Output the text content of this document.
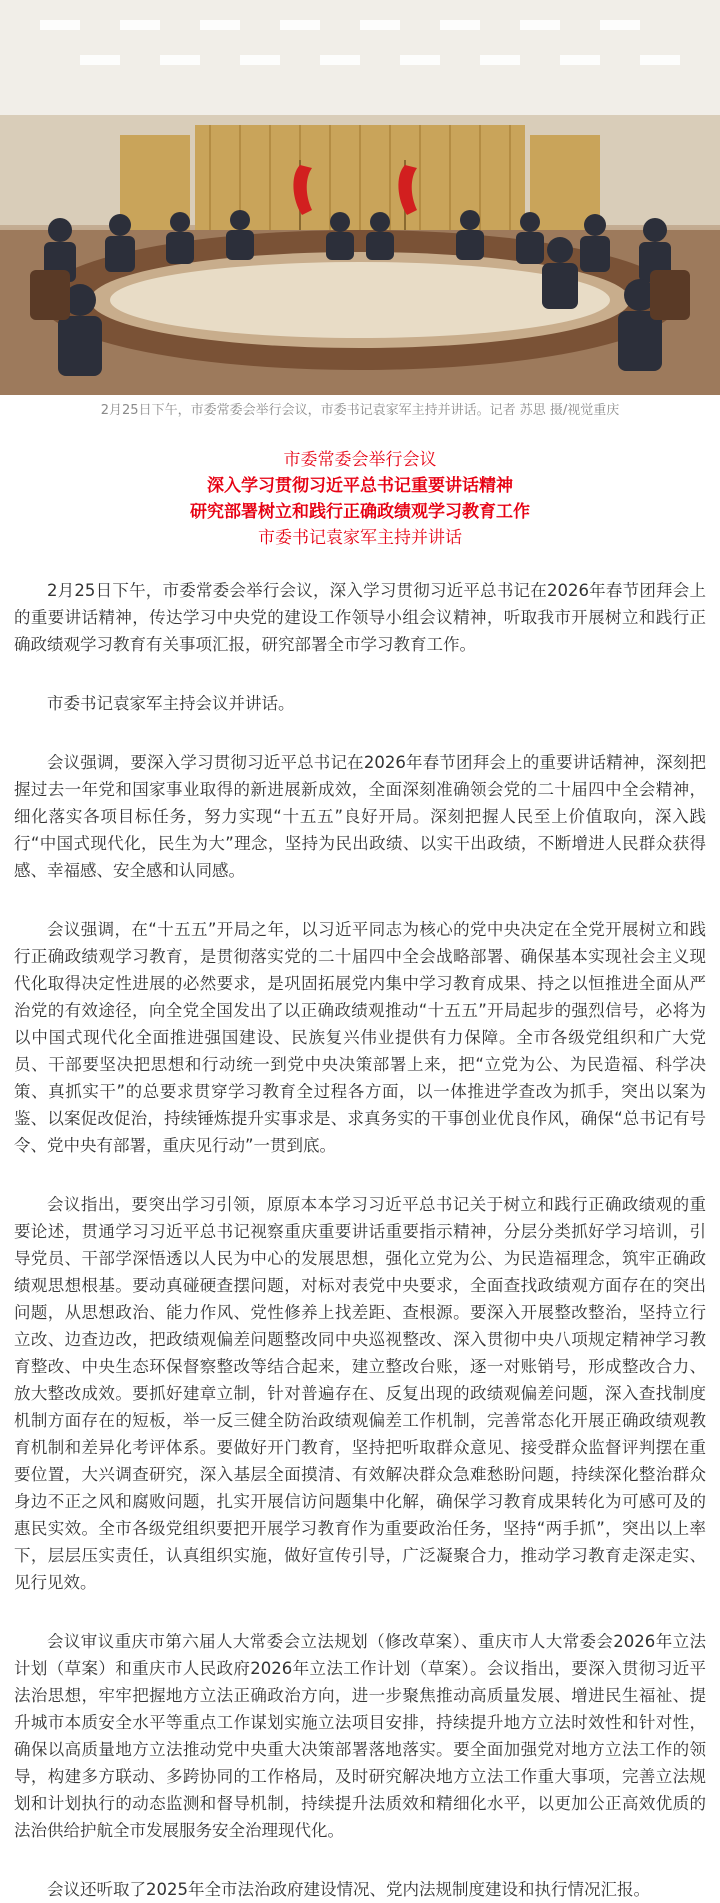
2月25日下午，市委常委会举行会议，市委书记袁家军主持并讲话。记者 苏思 摄/视觉重庆
市委常委会举行会议
深入学习贯彻习近平总书记重要讲话精神
研究部署树立和践行正确政绩观学习教育工作
市委书记袁家军主持并讲话

2月25日下午，市委常委会举行会议，深入学习贯彻习近平总书记在2026年春节团拜会上的重要讲话精神，传达学习中央党的建设工作领导小组会议精神，听取我市开展树立和践行正确政绩观学习教育有关事项汇报，研究部署全市学习教育工作。

市委书记袁家军主持会议并讲话。

会议强调，要深入学习贯彻习近平总书记在2026年春节团拜会上的重要讲话精神，深刻把握过去一年党和国家事业取得的新进展新成效，全面深刻准确领会党的二十届四中全会精神，细化落实各项目标任务，努力实现“十五五”良好开局。深刻把握人民至上价值取向，深入践行“中国式现代化，民生为大”理念，坚持为民出政绩、以实干出政绩，不断增进人民群众获得感、幸福感、安全感和认同感。

会议强调，在“十五五”开局之年，以习近平同志为核心的党中央决定在全党开展树立和践行正确政绩观学习教育，是贯彻落实党的二十届四中全会战略部署、确保基本实现社会主义现代化取得决定性进展的必然要求，是巩固拓展党内集中学习教育成果、持之以恒推进全面从严治党的有效途径，向全党全国发出了以正确政绩观推动“十五五”开局起步的强烈信号，必将为以中国式现代化全面推进强国建设、民族复兴伟业提供有力保障。全市各级党组织和广大党员、干部要坚决把思想和行动统一到党中央决策部署上来，把“立党为公、为民造福、科学决策、真抓实干”的总要求贯穿学习教育全过程各方面，以一体推进学查改为抓手，突出以案为鉴、以案促改促治，持续锤炼提升实事求是、求真务实的干事创业优良作风，确保“总书记有号令、党中央有部署，重庆见行动”一贯到底。

会议指出，要突出学习引领，原原本本学习习近平总书记关于树立和践行正确政绩观的重要论述，贯通学习习近平总书记视察重庆重要讲话重要指示精神，分层分类抓好学习培训，引导党员、干部学深悟透以人民为中心的发展思想，强化立党为公、为民造福理念，筑牢正确政绩观思想根基。要动真碰硬查摆问题，对标对表党中央要求，全面查找政绩观方面存在的突出问题，从思想政治、能力作风、党性修养上找差距、查根源。要深入开展整改整治，坚持立行立改、边查边改，把政绩观偏差问题整改同中央巡视整改、深入贯彻中央八项规定精神学习教育整改、中央生态环保督察整改等结合起来，建立整改台账，逐一对账销号，形成整改合力、放大整改成效。要抓好建章立制，针对普遍存在、反复出现的政绩观偏差问题，深入查找制度机制方面存在的短板，举一反三健全防治政绩观偏差工作机制，完善常态化开展正确政绩观教育机制和差异化考评体系。要做好开门教育，坚持把听取群众意见、接受群众监督评判摆在重要位置，大兴调查研究，深入基层全面摸清、有效解决群众急难愁盼问题，持续深化整治群众身边不正之风和腐败问题，扎实开展信访问题集中化解，确保学习教育成果转化为可感可及的惠民实效。全市各级党组织要把开展学习教育作为重要政治任务，坚持“两手抓”，突出以上率下，层层压实责任，认真组织实施，做好宣传引导，广泛凝聚合力，推动学习教育走深走实、见行见效。

会议审议重庆市第六届人大常委会立法规划（修改草案）、重庆市人大常委会2026年立法计划（草案）和重庆市人民政府2026年立法工作计划（草案）。会议指出，要深入贯彻习近平法治思想，牢牢把握地方立法正确政治方向，进一步聚焦推动高质量发展、增进民生福祉、提升城市本质安全水平等重点工作谋划实施立法项目安排，持续提升地方立法时效性和针对性，确保以高质量地方立法推动党中央重大决策部署落地落实。要全面加强党对地方立法工作的领导，构建多方联动、多跨协同的工作格局，及时研究解决地方立法工作重大事项，完善立法规划和计划执行的动态监测和督导机制，持续提升法质效和精细化水平，以更加公正高效优质的法治供给护航全市发展服务安全治理现代化。

会议还听取了2025年全市法治政府建设情况、党内法规制度建设和执行情况汇报。
